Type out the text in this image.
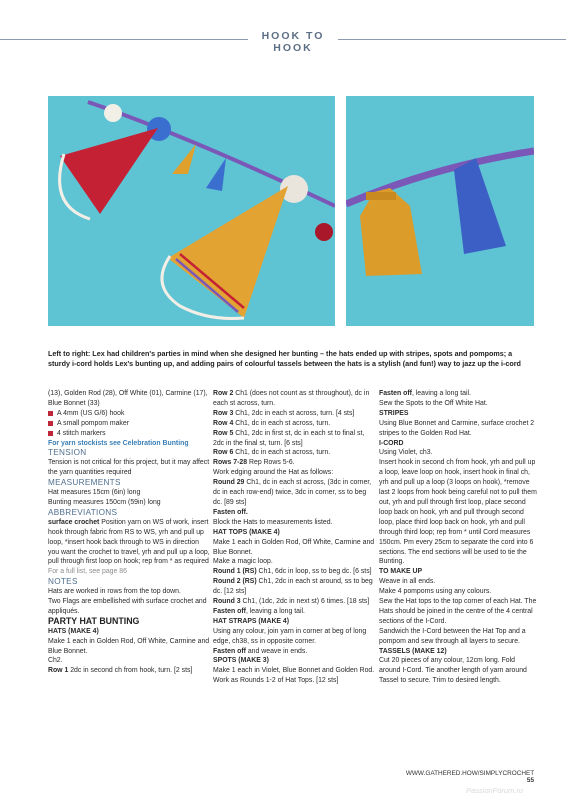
HOOK TO HOOK
Left to right: Lex had children's parties in mind when she designed her bunting – the hats ended up with stripes, spots and pompoms; a sturdy i-cord holds Lex's bunting up, and adding pairs of colourful tassels between the hats is a stylish (and fun!) way to jazz up the i-cord

(13), Golden Rod (28), Off White (01), Carmine (17), Blue Bonnet (33)

A 4mm (US G/6) hook
A small pompom maker
4 stitch markers

For yarn stockists see Celebration Bunting

TENSION

Tension is not critical for this project, but it may affect the yarn quantities required

MEASUREMENTS

Hat measures 15cm (6in) long

Bunting measures 150cm (59in) long

ABBREVIATIONS

surface crochet Position yarn on WS of work, insert hook through fabric from RS to WS, yrh and pull up loop, *insert hook back through to WS in direction you want the crochet to travel, yrh and pull up a loop, pull through first loop on hook; rep from * as required

For a full list, see page 86

NOTES

Hats are worked in rows from the top down.

Two Flags are embellished with surface crochet and appliqués.

PARTY HAT BUNTING

HATS (MAKE 4)

Make 1 each in Golden Rod, Off White, Carmine and Blue Bonnet.

Ch2.

Row 1 2dc in second ch from hook, turn. [2 sts]

Row 2 Ch1 (does not count as st throughout), dc in each st across, turn.

Row 3 Ch1, 2dc in each st across, turn. [4 sts]

Row 4 Ch1, dc in each st across, turn.

Row 5 Ch1, 2dc in first st, dc in each st to final st, 2dc in the final st, turn. [6 sts]

Row 6 Ch1, dc in each st across, turn.

Rows 7-28 Rep Rows 5-6.

Work edging around the Hat as follows:

Round 29 Ch1, dc in each st across, (3dc in corner, dc in each row-end) twice, 3dc in corner, ss to beg dc. [89 sts]

Fasten off.

Block the Hats to measurements listed.

HAT TOPS (MAKE 4)

Make 1 each in Golden Rod, Off White, Carmine and Blue Bonnet.

Make a magic loop.

Round 1 (RS) Ch1, 6dc in loop, ss to beg dc. [6 sts]

Round 2 (RS) Ch1, 2dc in each st around, ss to beg dc. [12 sts]

Round 3 Ch1, (1dc, 2dc in next st) 6 times. [18 sts]

Fasten off, leaving a long tail.

HAT STRAPS (MAKE 4)

Using any colour, join yarn in corner at beg of long edge, ch38, ss in opposite corner.

Fasten off and weave in ends.

SPOTS (MAKE 3)

Make 1 each in Violet, Blue Bonnet and Golden Rod.

Work as Rounds 1-2 of Hat Tops. [12 sts]

Fasten off, leaving a long tail.

Sew the Spots to the Off White Hat.

STRIPES

Using Blue Bonnet and Carmine, surface crochet 2 stripes to the Golden Rod Hat.

I-CORD

Using Violet, ch3.

Insert hook in second ch from hook, yrh and pull up a loop, leave loop on hook, insert hook in final ch, yrh and pull up a loop (3 loops on hook), *remove last 2 loops from hook being careful not to pull them out, yrh and pull through first loop, place second loop back on hook, yrh and pull through second loop, place third loop back on hook, yrh and pull through third loop; rep from * until Cord measures 150cm. Pm every 25cm to separate the cord into 6 sections. The end sections will be used to tie the Bunting.

TO MAKE UP

Weave in all ends.

Make 4 pompoms using any colours.

Sew the Hat tops to the top corner of each Hat. The Hats should be joined in the centre of the 4 central sections of the I-Cord.

Sandwich the I-Cord between the Hat Top and a pompom and sew through all layers to secure.

TASSELS (MAKE 12)

Cut 20 pieces of any colour, 12cm long. Fold around I-Cord. Tie another length of yarn around Tassel to secure. Trim to desired length.

WWW.GATHERED.HOW/SIMPLYCROCHET 55
PassionForum.ru
